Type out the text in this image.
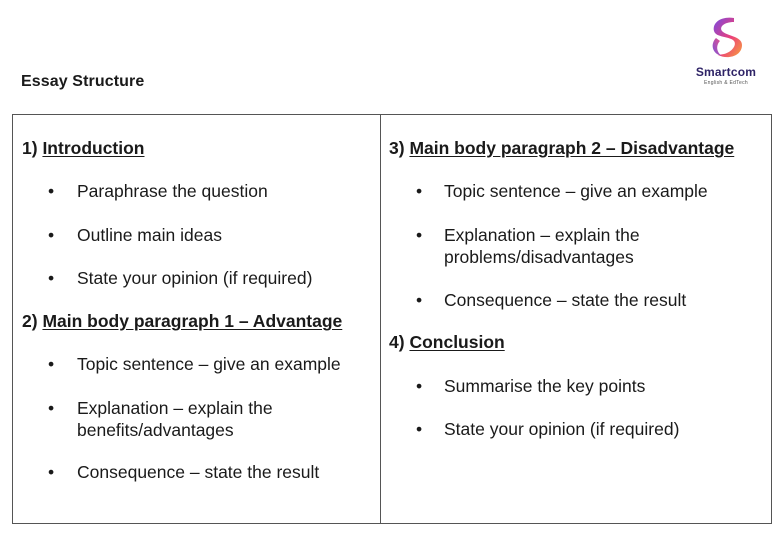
Essay Structure
Smartcom
English & EdTech
1) Introduction
• Paraphrase the question
• Outline main ideas
• State your opinion (if required)
2) Main body paragraph 1 – Advantage
• Topic sentence – give an example
• Explanation – explain the benefits/advantages
• Consequence – state the result
3) Main body paragraph 2 – Disadvantage
• Topic sentence – give an example
• Explanation – explain the problems/disadvantages
• Consequence – state the result
4) Conclusion
• Summarise the key points
• State your opinion (if required)
